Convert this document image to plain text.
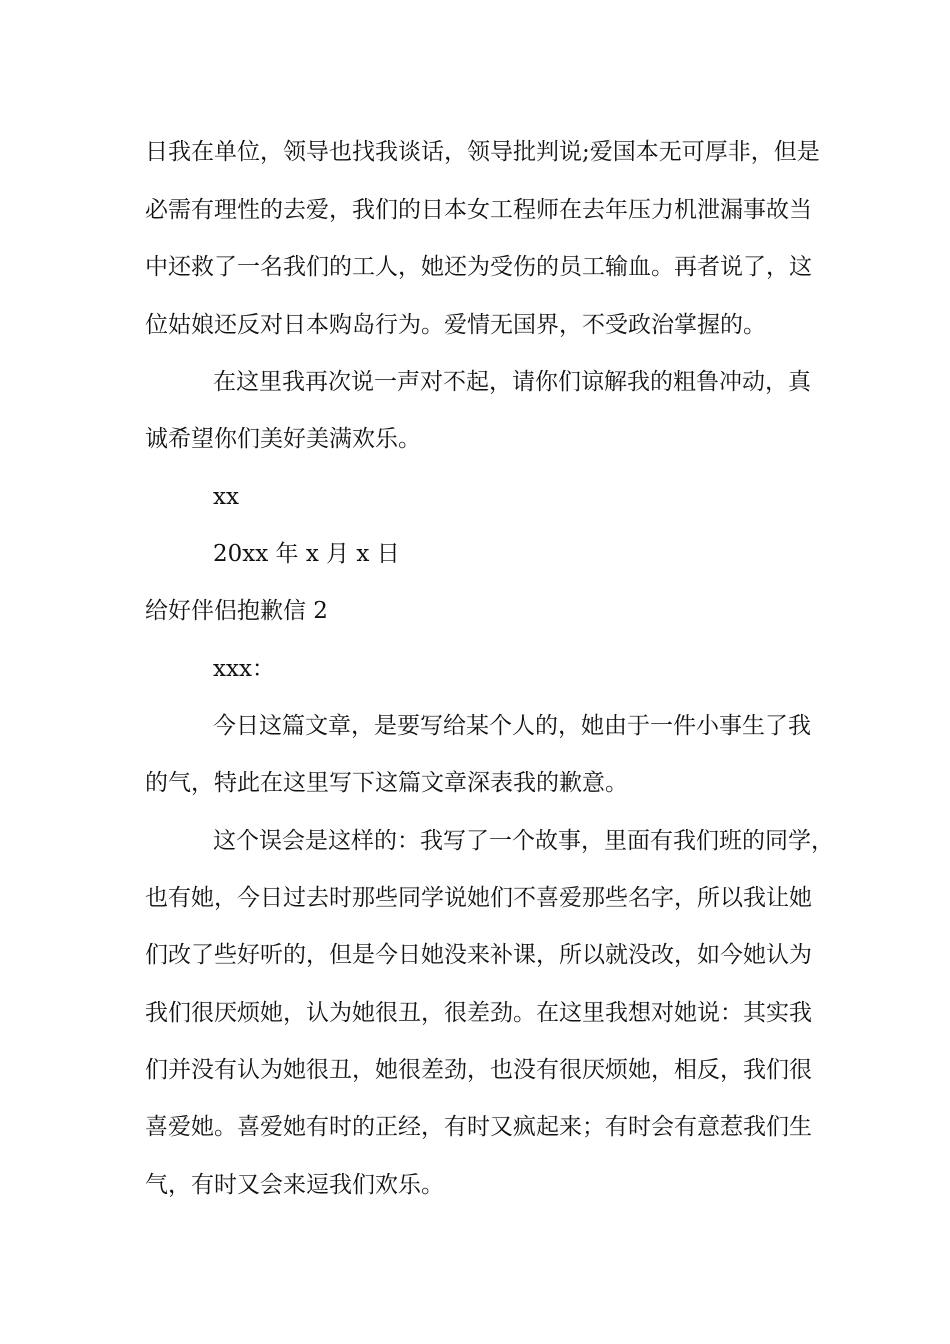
日我在单位，领导也找我谈话，领导批判说;爱国本无可厚非，但是
必需有理性的去爱，我们的日本女工程师在去年压力机泄漏事故当
中还救了一名我们的工人，她还为受伤的员工输血。再者说了，这
位姑娘还反对日本购岛行为。爱情无国界，不受政治掌握的。
在这里我再次说一声对不起，请你们谅解我的粗鲁冲动，真
诚希望你们美好美满欢乐。
xx
20xx 年 x 月 x 日
给好伴侣抱歉信 2
xxx：
今日这篇文章，是要写给某个人的，她由于一件小事生了我
的气，特此在这里写下这篇文章深表我的歉意。
这个误会是这样的：我写了一个故事，里面有我们班的同学，
也有她，今日过去时那些同学说她们不喜爱那些名字，所以我让她
们改了些好听的，但是今日她没来补课，所以就没改，如今她认为
我们很厌烦她，认为她很丑，很差劲。在这里我想对她说：其实我
们并没有认为她很丑，她很差劲，也没有很厌烦她，相反，我们很
喜爱她。喜爱她有时的正经，有时又疯起来；有时会有意惹我们生
气，有时又会来逗我们欢乐。
